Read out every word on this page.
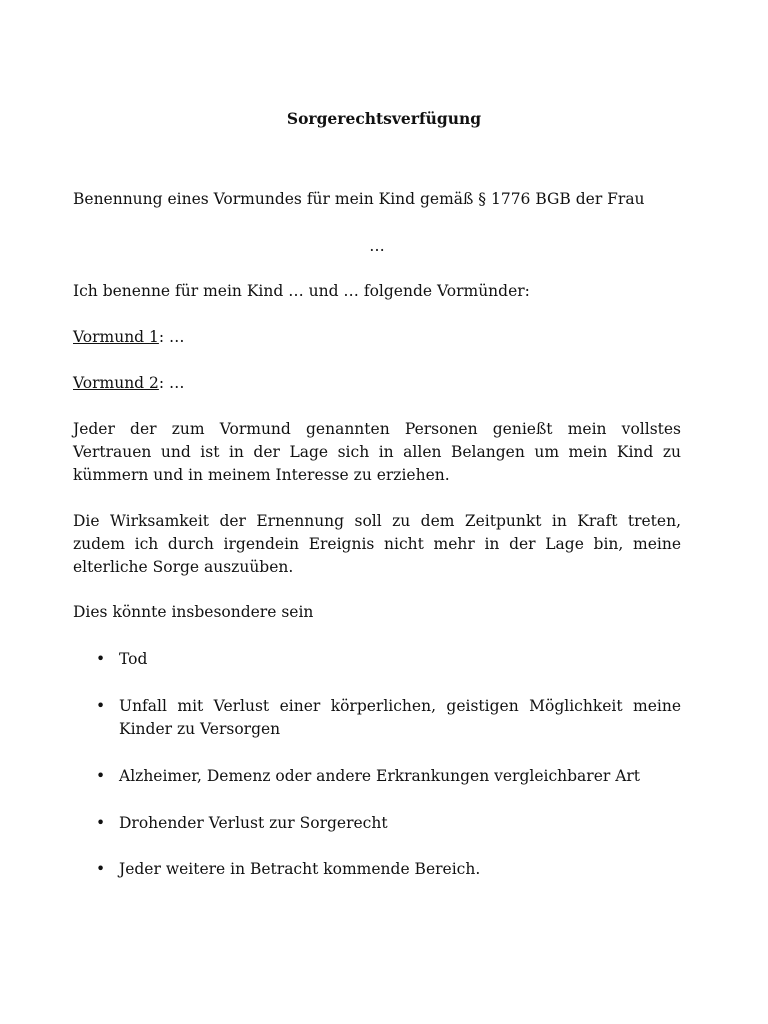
Sorgerechtsverfügung
Benennung eines Vormundes für mein Kind gemäß § 1776 BGB der Frau
…
Ich benenne für mein Kind … und … folgende Vormünder:
Vormund 1: …
Vormund 2: …
Jeder der zum Vormund genannten Personen genießt mein vollstes Vertrauen und ist in der Lage sich in allen Belangen um mein Kind zu kümmern und in meinem Interesse zu erziehen.
Die Wirksamkeit der Ernennung soll zu dem Zeitpunkt in Kraft treten, zudem ich durch irgendein Ereignis nicht mehr in der Lage bin, meine elterliche Sorge auszuüben.
Dies könnte insbesondere sein
• Tod
• Unfall mit Verlust einer körperlichen, geistigen Möglichkeit meine Kinder zu Versorgen
• Alzheimer, Demenz oder andere Erkrankungen vergleichbarer Art
• Drohender Verlust zur Sorgerecht
• Jeder weitere in Betracht kommende Bereich.
